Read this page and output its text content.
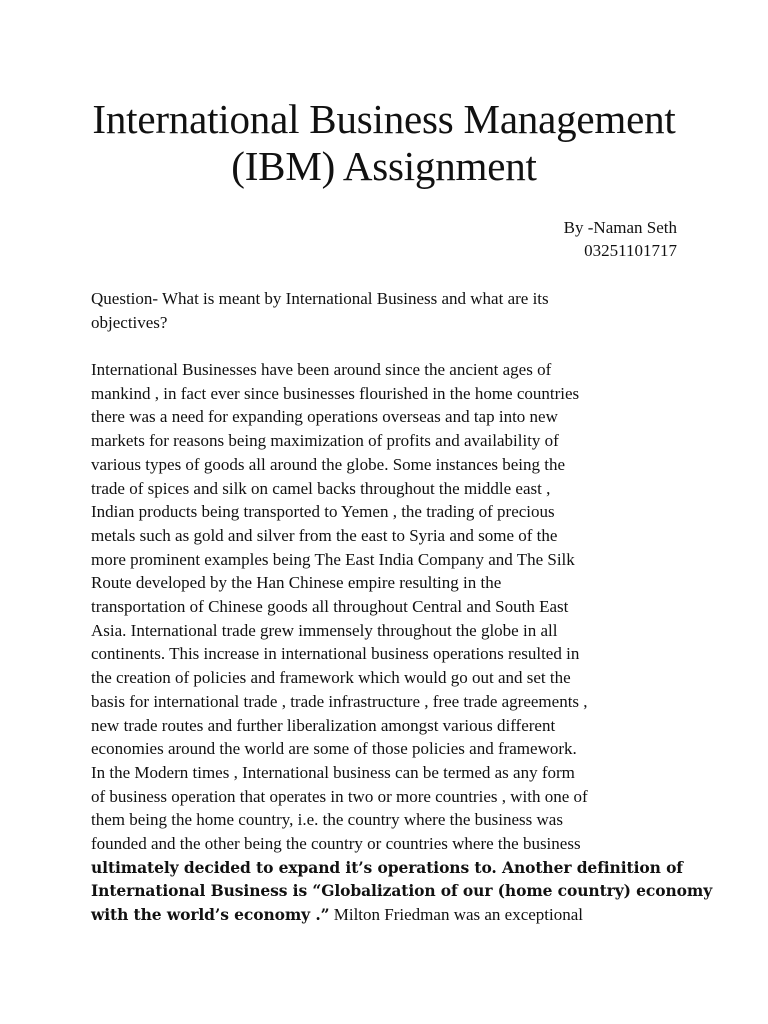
International Business Management
(IBM) Assignment
By -Naman Seth
03251101717
Question- What is meant by International Business and what are its
objectives?
International Businesses have been around since the ancient ages of
mankind , in fact ever since businesses flourished in the home countries
there was a need for expanding operations overseas and tap into new
markets for reasons being maximization of profits and availability of
various types of goods all around the globe. Some instances being the
trade of spices and silk on camel backs throughout the middle east ,
Indian products being transported to Yemen , the trading of precious
metals such as gold and silver from the east to Syria and some of the
more prominent examples being The East India Company and The Silk
Route developed by the Han Chinese empire resulting in the
transportation of Chinese goods all throughout Central and South East
Asia. International trade grew immensely throughout the globe in all
continents. This increase in international business operations resulted in
the creation of policies and framework which would go out and set the
basis for international trade , trade infrastructure , free trade agreements ,
new trade routes and further liberalization amongst various different
economies around the world are some of those policies and framework.
In the Modern times , International business can be termed as any form
of business operation that operates in two or more countries , with one of
them being the home country, i.e. the country where the business was
founded and the other being the country or countries where the business
ultimately decided to expand it’s operations to. Another definition of
International Business is “Globalization of our (home country) economy
with the world’s economy .” Milton Friedman was an exceptional
